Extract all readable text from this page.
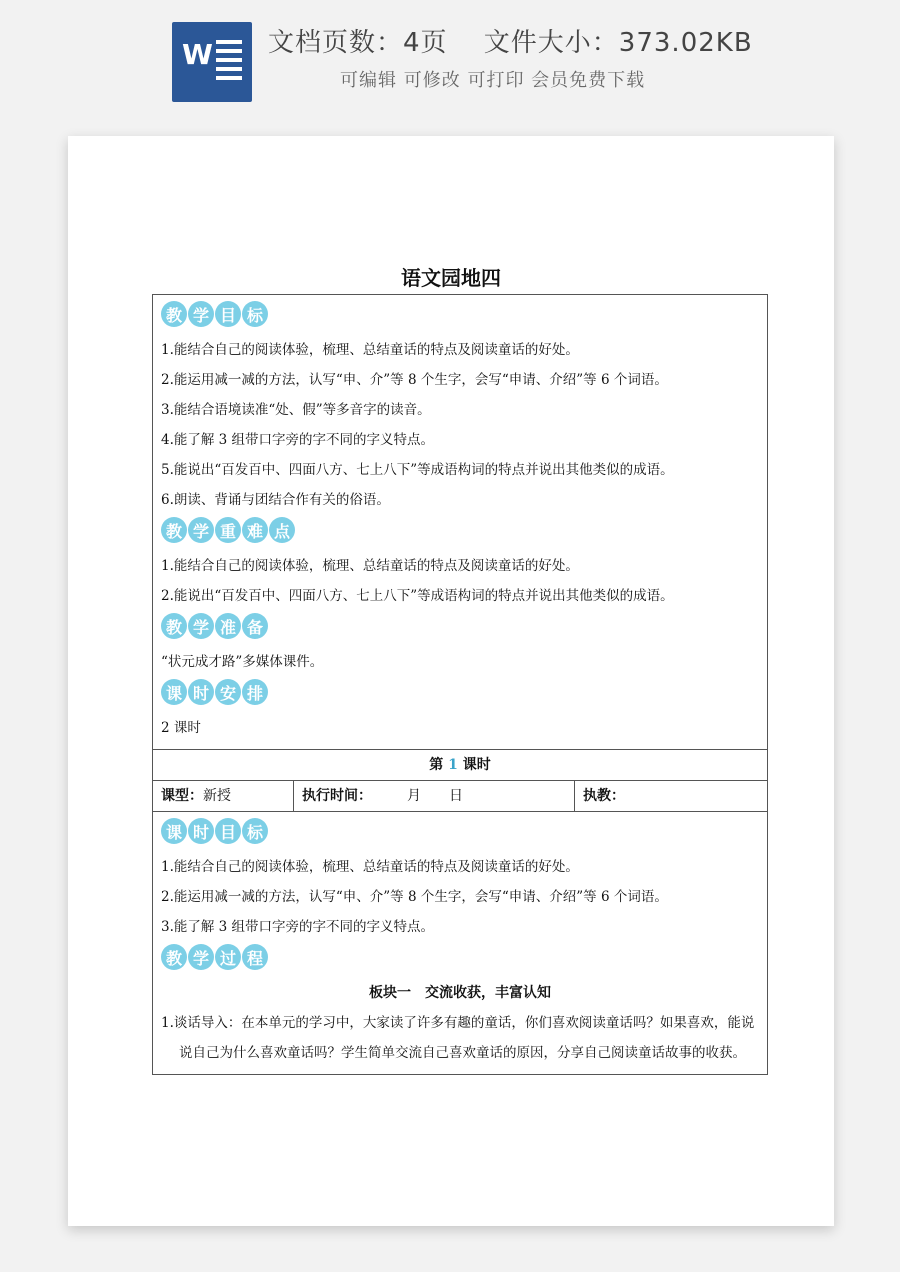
W 文档页数：4页　 文件大小：373.02KB
可编辑 可修改 可打印 会员免费下载
语文园地四
教 学 目 标
1.能结合自己的阅读体验，梳理、总结童话的特点及阅读童话的好处。
2.能运用减一减的方法，认写“申、介”等 8 个生字，会写“申请、介绍”等 6 个词语。
3.能结合语境读准“处、假”等多音字的读音。
4.能了解 3 组带口字旁的字不同的字义特点。
5.能说出“百发百中、四面八方、七上八下”等成语构词的特点并说出其他类似的成语。
6.朗读、背诵与团结合作有关的俗语。
教 学 重 难 点
1.能结合自己的阅读体验，梳理、总结童话的特点及阅读童话的好处。
2.能说出“百发百中、四面八方、七上八下”等成语构词的特点并说出其他类似的成语。
教 学 准 备
“状元成才路”多媒体课件。
课 时 安 排
2 课时
第 1 课时
课型：新授	执行时间：　　　	月　　日	执教：
课 时 目 标
1.能结合自己的阅读体验，梳理、总结童话的特点及阅读童话的好处。
2.能运用减一减的方法，认写“申、介”等 8 个生字，会写“申请、介绍”等 6 个词语。
3.能了解 3 组带口字旁的字不同的字义特点。
教 学 过 程
板块一　交流收获，丰富认知
1.谈话导入：在本单元的学习中，大家读了许多有趣的童话，你们喜欢阅读童话吗？如果喜欢，能说说自己为什么喜欢童话吗？学生简单交流自己喜欢童话的原因，分享自己阅读童话故事的收获。
